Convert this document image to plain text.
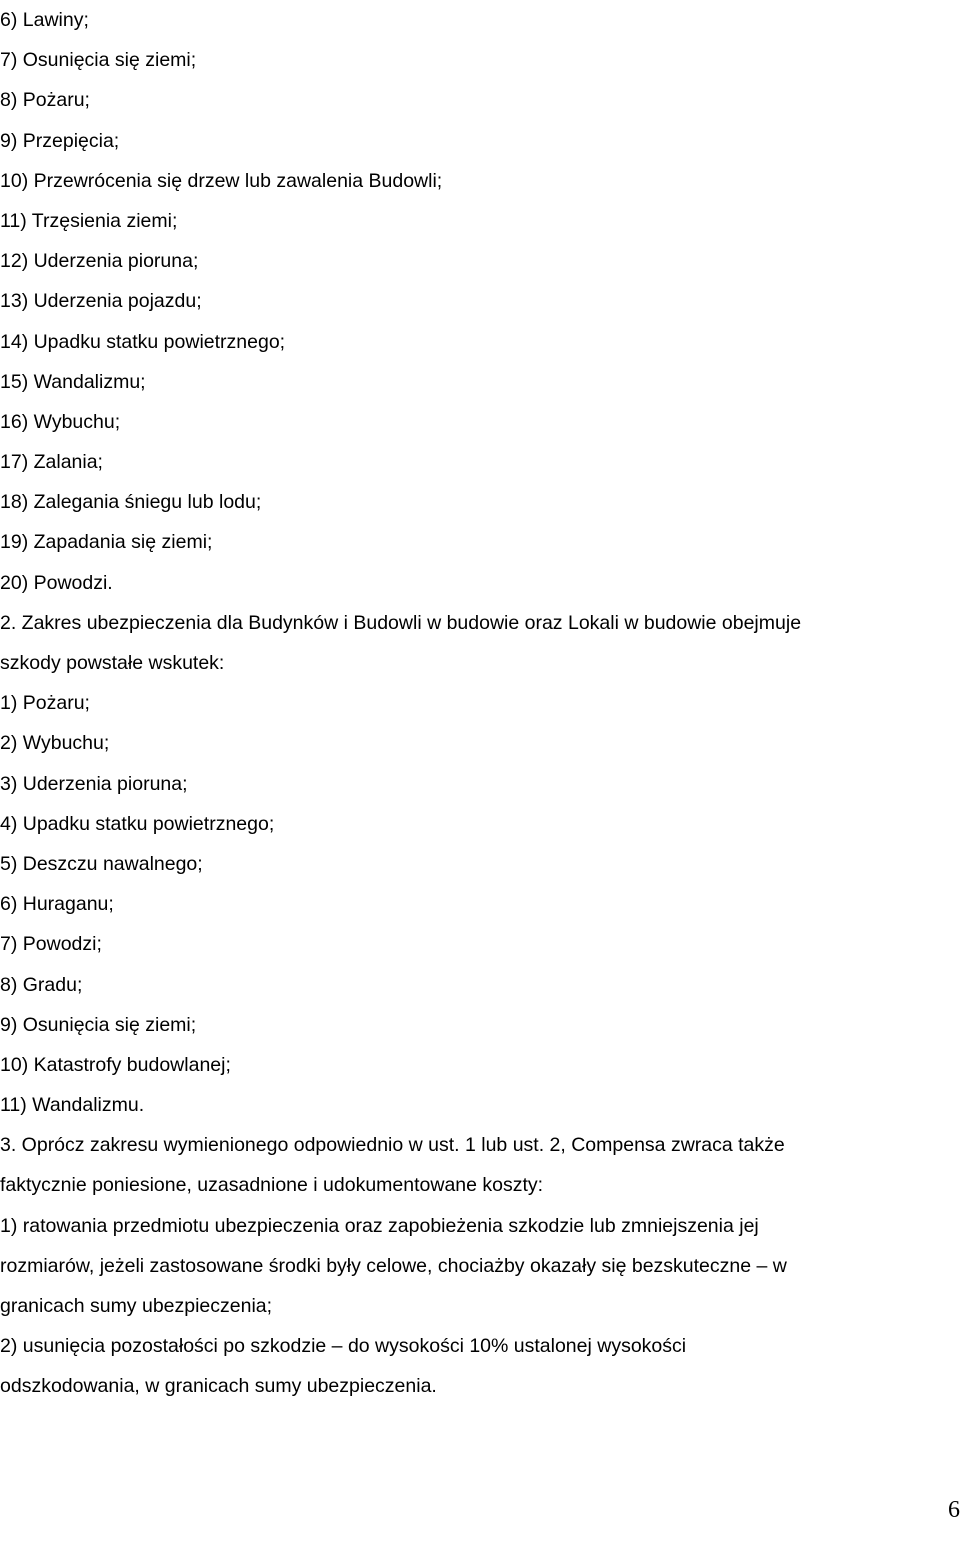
6) Lawiny;
7) Osunięcia się ziemi;
8) Pożaru;
9) Przepięcia;
10) Przewrócenia się drzew lub zawalenia Budowli;
11) Trzęsienia ziemi;
12) Uderzenia pioruna;
13) Uderzenia pojazdu;
14) Upadku statku powietrznego;
15) Wandalizmu;
16) Wybuchu;
17) Zalania;
18) Zalegania śniegu lub lodu;
19) Zapadania się ziemi;
20) Powodzi.
2. Zakres ubezpieczenia dla Budynków i Budowli w budowie oraz Lokali w budowie obejmuje
szkody powstałe wskutek:
1) Pożaru;
2) Wybuchu;
3) Uderzenia pioruna;
4) Upadku statku powietrznego;
5) Deszczu nawalnego;
6) Huraganu;
7) Powodzi;
8) Gradu;
9) Osunięcia się ziemi;
10) Katastrofy budowlanej;
11) Wandalizmu.
3. Oprócz zakresu wymienionego odpowiednio w ust. 1 lub ust. 2, Compensa zwraca także
faktycznie poniesione, uzasadnione i udokumentowane koszty:
1) ratowania przedmiotu ubezpieczenia oraz zapobieżenia szkodzie lub zmniejszenia jej
rozmiarów, jeżeli zastosowane środki były celowe, chociażby okazały się bezskuteczne – w
granicach sumy ubezpieczenia;
2) usunięcia pozostałości po szkodzie – do wysokości 10% ustalonej wysokości
odszkodowania, w granicach sumy ubezpieczenia.
6
